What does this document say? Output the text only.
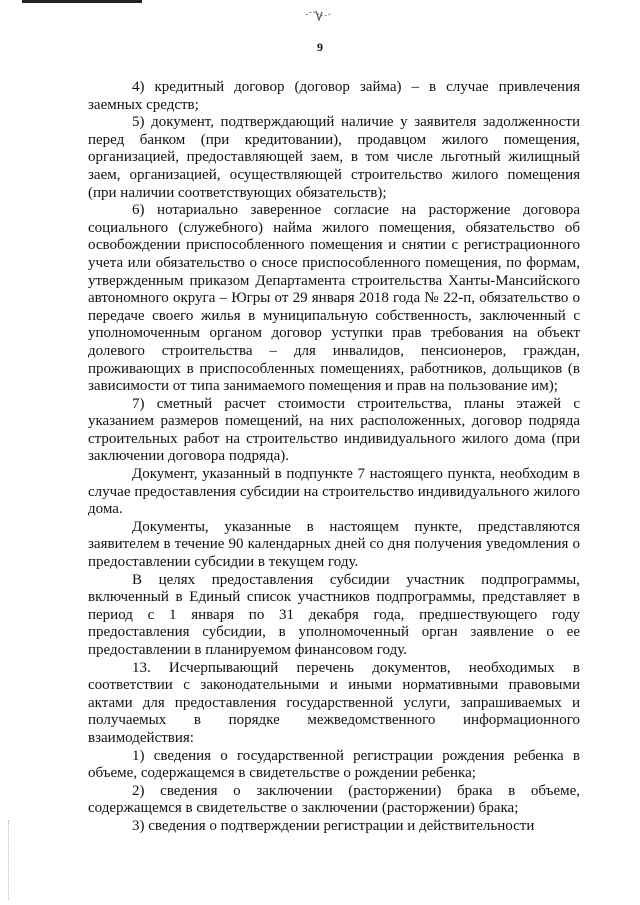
9

4) кредитный договор (договор займа) – в случае привлечения заемных средств;

5) документ, подтверждающий наличие у заявителя задолженности перед банком (при кредитовании), продавцом жилого помещения, организацией, предоставляющей заем, в том числе льготный жилищный заем, организацией, осуществляющей строительство жилого помещения (при наличии соответствующих обязательств);

6) нотариально заверенное согласие на расторжение договора социального (служебного) найма жилого помещения, обязательство об освобождении приспособленного помещения и снятии с регистрационного учета или обязательство о сносе приспособленного помещения, по формам, утвержденным приказом Департамента строительства Ханты-Мансийского автономного округа – Югры от 29 января 2018 года № 22-п, обязательство о передаче своего жилья в муниципальную собственность, заключенный с уполномоченным органом договор уступки прав требования на объект долевого строительства – для инвалидов, пенсионеров, граждан, проживающих в приспособленных помещениях, работников, дольщиков (в зависимости от типа занимаемого помещения и прав на пользование им);

7) сметный расчет стоимости строительства, планы этажей с указанием размеров помещений, на них расположенных, договор подряда строительных работ на строительство индивидуального жилого дома (при заключении договора подряда).

Документ, указанный в подпункте 7 настоящего пункта, необходим в случае предоставления субсидии на строительство индивидуального жилого дома.

Документы, указанные в настоящем пункте, представляются заявителем в течение 90 календарных дней со дня получения уведомления о предоставлении субсидии в текущем году.

В целях предоставления субсидии участник подпрограммы, включенный в Единый список участников подпрограммы, представляет в период с 1 января по 31 декабря года, предшествующего году предоставления субсидии, в уполномоченный орган заявление о ее предоставлении в планируемом финансовом году.

13. Исчерпывающий перечень документов, необходимых в соответствии с законодательными и иными нормативными правовыми актами для предоставления государственной услуги, запрашиваемых и получаемых в порядке межведомственного информационного взаимодействия:

1) сведения о государственной регистрации рождения ребенка в объеме, содержащемся в свидетельстве о рождении ребенка;

2) сведения о заключении (расторжении) брака в объеме, содержащемся в свидетельстве о заключении (расторжении) брака;

3) сведения о подтверждении регистрации и действительности
